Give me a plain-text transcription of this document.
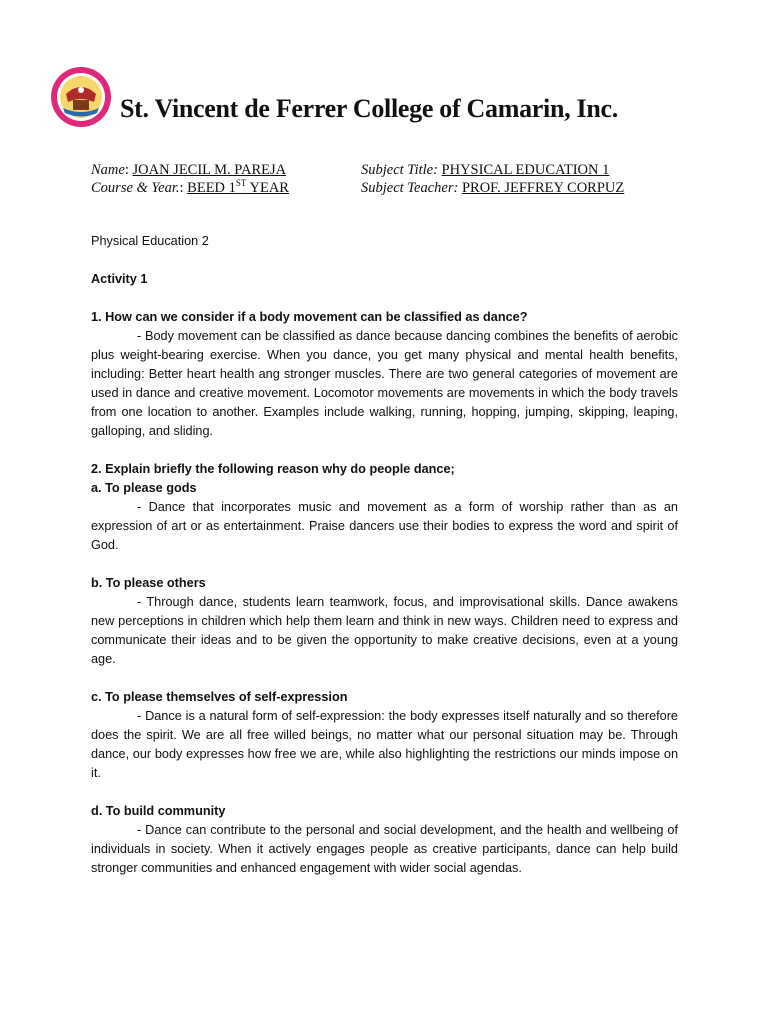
St. Vincent de Ferrer College of Camarin, Inc.
Name: JOAN JECIL M. PAREJA
Course & Year.: BEED 1ST YEAR
Subject Title: PHYSICAL EDUCATION 1
Subject Teacher: PROF. JEFFREY CORPUZ

Physical Education 2

Activity 1

1. How can we consider if a body movement can be classified as dance?

- Body movement can be classified as dance because dancing combines the benefits of aerobic plus weight-bearing exercise. When you dance, you get many physical and mental health benefits, including: Better heart health ang stronger muscles. There are two general categories of movement are used in dance and creative movement. Locomotor movements are movements in which the body travels from one location to another. Examples include walking, running, hopping, jumping, skipping, leaping, galloping, and sliding.

2. Explain briefly the following reason why do people dance;

a. To please gods

- Dance that incorporates music and movement as a form of worship rather than as an expression of art or as entertainment. Praise dancers use their bodies to express the word and spirit of God.

b. To please others

- Through dance, students learn teamwork, focus, and improvisational skills. Dance awakens new perceptions in children which help them learn and think in new ways. Children need to express and communicate their ideas and to be given the opportunity to make creative decisions, even at a young age.

c. To please themselves of self-expression

- Dance is a natural form of self-expression: the body expresses itself naturally and so therefore does the spirit. We are all free willed beings, no matter what our personal situation may be. Through dance, our body expresses how free we are, while also highlighting the restrictions our minds impose on it.

d. To build community

- Dance can contribute to the personal and social development, and the health and wellbeing of individuals in society. When it actively engages people as creative participants, dance can help build stronger communities and enhanced engagement with wider social agendas.
